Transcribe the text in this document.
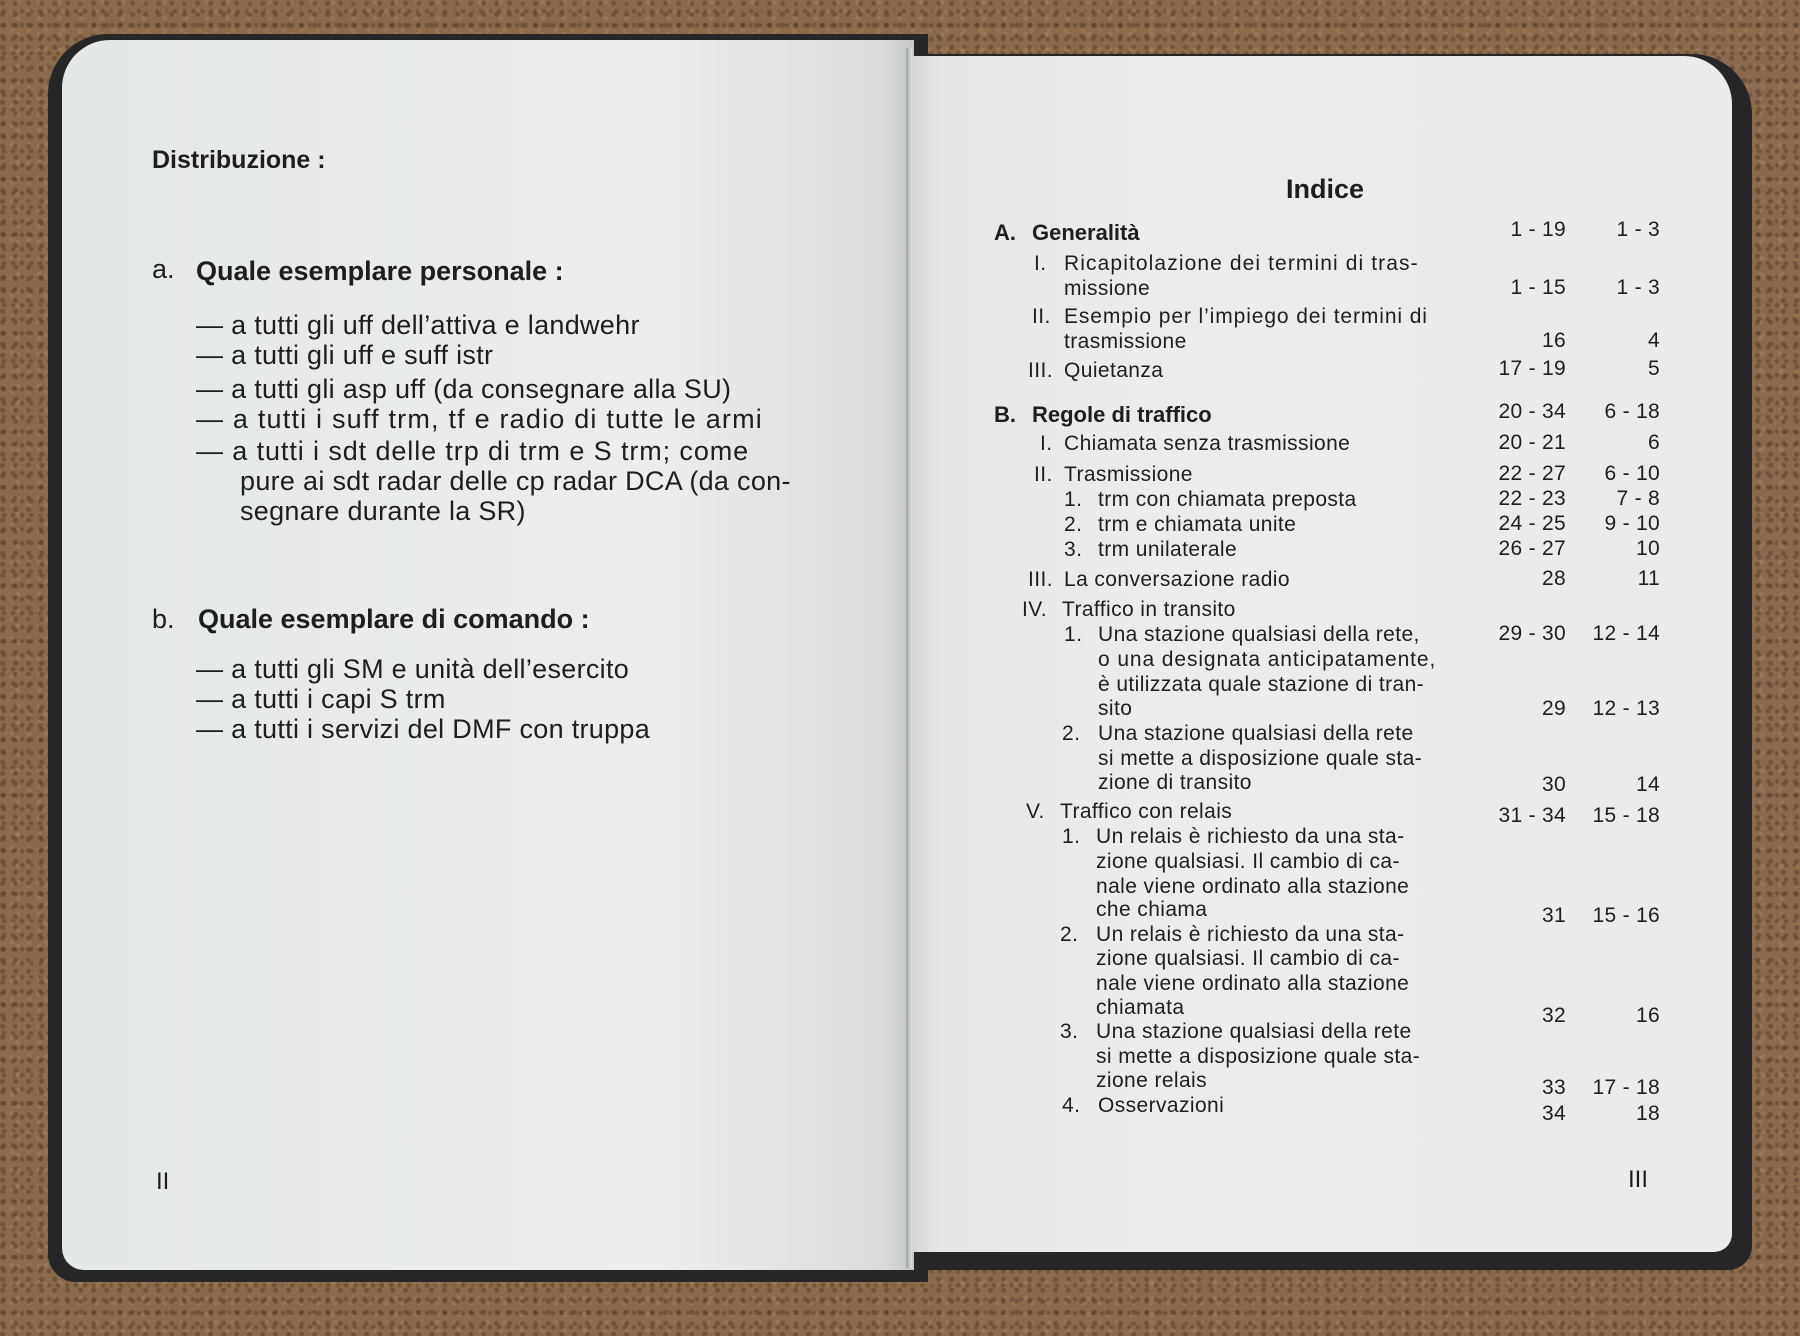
Distribuzione :
a. Quale esemplare personale :
— a tutti gli uff dell’attiva e landwehr
— a tutti gli uff e suff istr
— a tutti gli asp uff (da consegnare alla SU)
— a tutti i suff trm, tf e radio di tutte le armi
— a tutti i sdt delle trp di trm e S trm; come
pure ai sdt radar delle cp radar DCA (da con-
segnare durante la SR)
b. Quale esemplare di comando :
— a tutti gli SM e unità dell’esercito
— a tutti i capi S trm
— a tutti i servizi del DMF con truppa
II
Indice
A. Generalità	1 - 19	1 - 3
I. Ricapitolazione dei termini di tras-
missione	1 - 15	1 - 3
II. Esempio per l’impiego dei termini di
trasmissione	16	4
III. Quietanza	17 - 19	5
B. Regole di traffico	20 - 34	6 - 18
I. Chiamata senza trasmissione	20 - 21	6
II. Trasmissione	22 - 27	6 - 10
1. trm con chiamata preposta	22 - 23	7 - 8
2. trm e chiamata unite	24 - 25	9 - 10
3. trm unilaterale	26 - 27	10
III. La conversazione radio	28	11
IV. Traffico in transito
1. Una stazione qualsiasi della rete,	29 - 30	12 - 14
o una designata anticipatamente,
è utilizzata quale stazione di tran-
sito	29	12 - 13
2. Una stazione qualsiasi della rete
si mette a disposizione quale sta-
zione di transito	30	14
V. Traffico con relais	31 - 34	15 - 18
1. Un relais è richiesto da una sta-
zione qualsiasi. Il cambio di ca-
nale viene ordinato alla stazione
che chiama	31	15 - 16
2. Un relais è richiesto da una sta-
zione qualsiasi. Il cambio di ca-
nale viene ordinato alla stazione
chiamata	32	16
3. Una stazione qualsiasi della rete
si mette a disposizione quale sta-
zione relais	33	17 - 18
4. Osservazioni	34	18
III
